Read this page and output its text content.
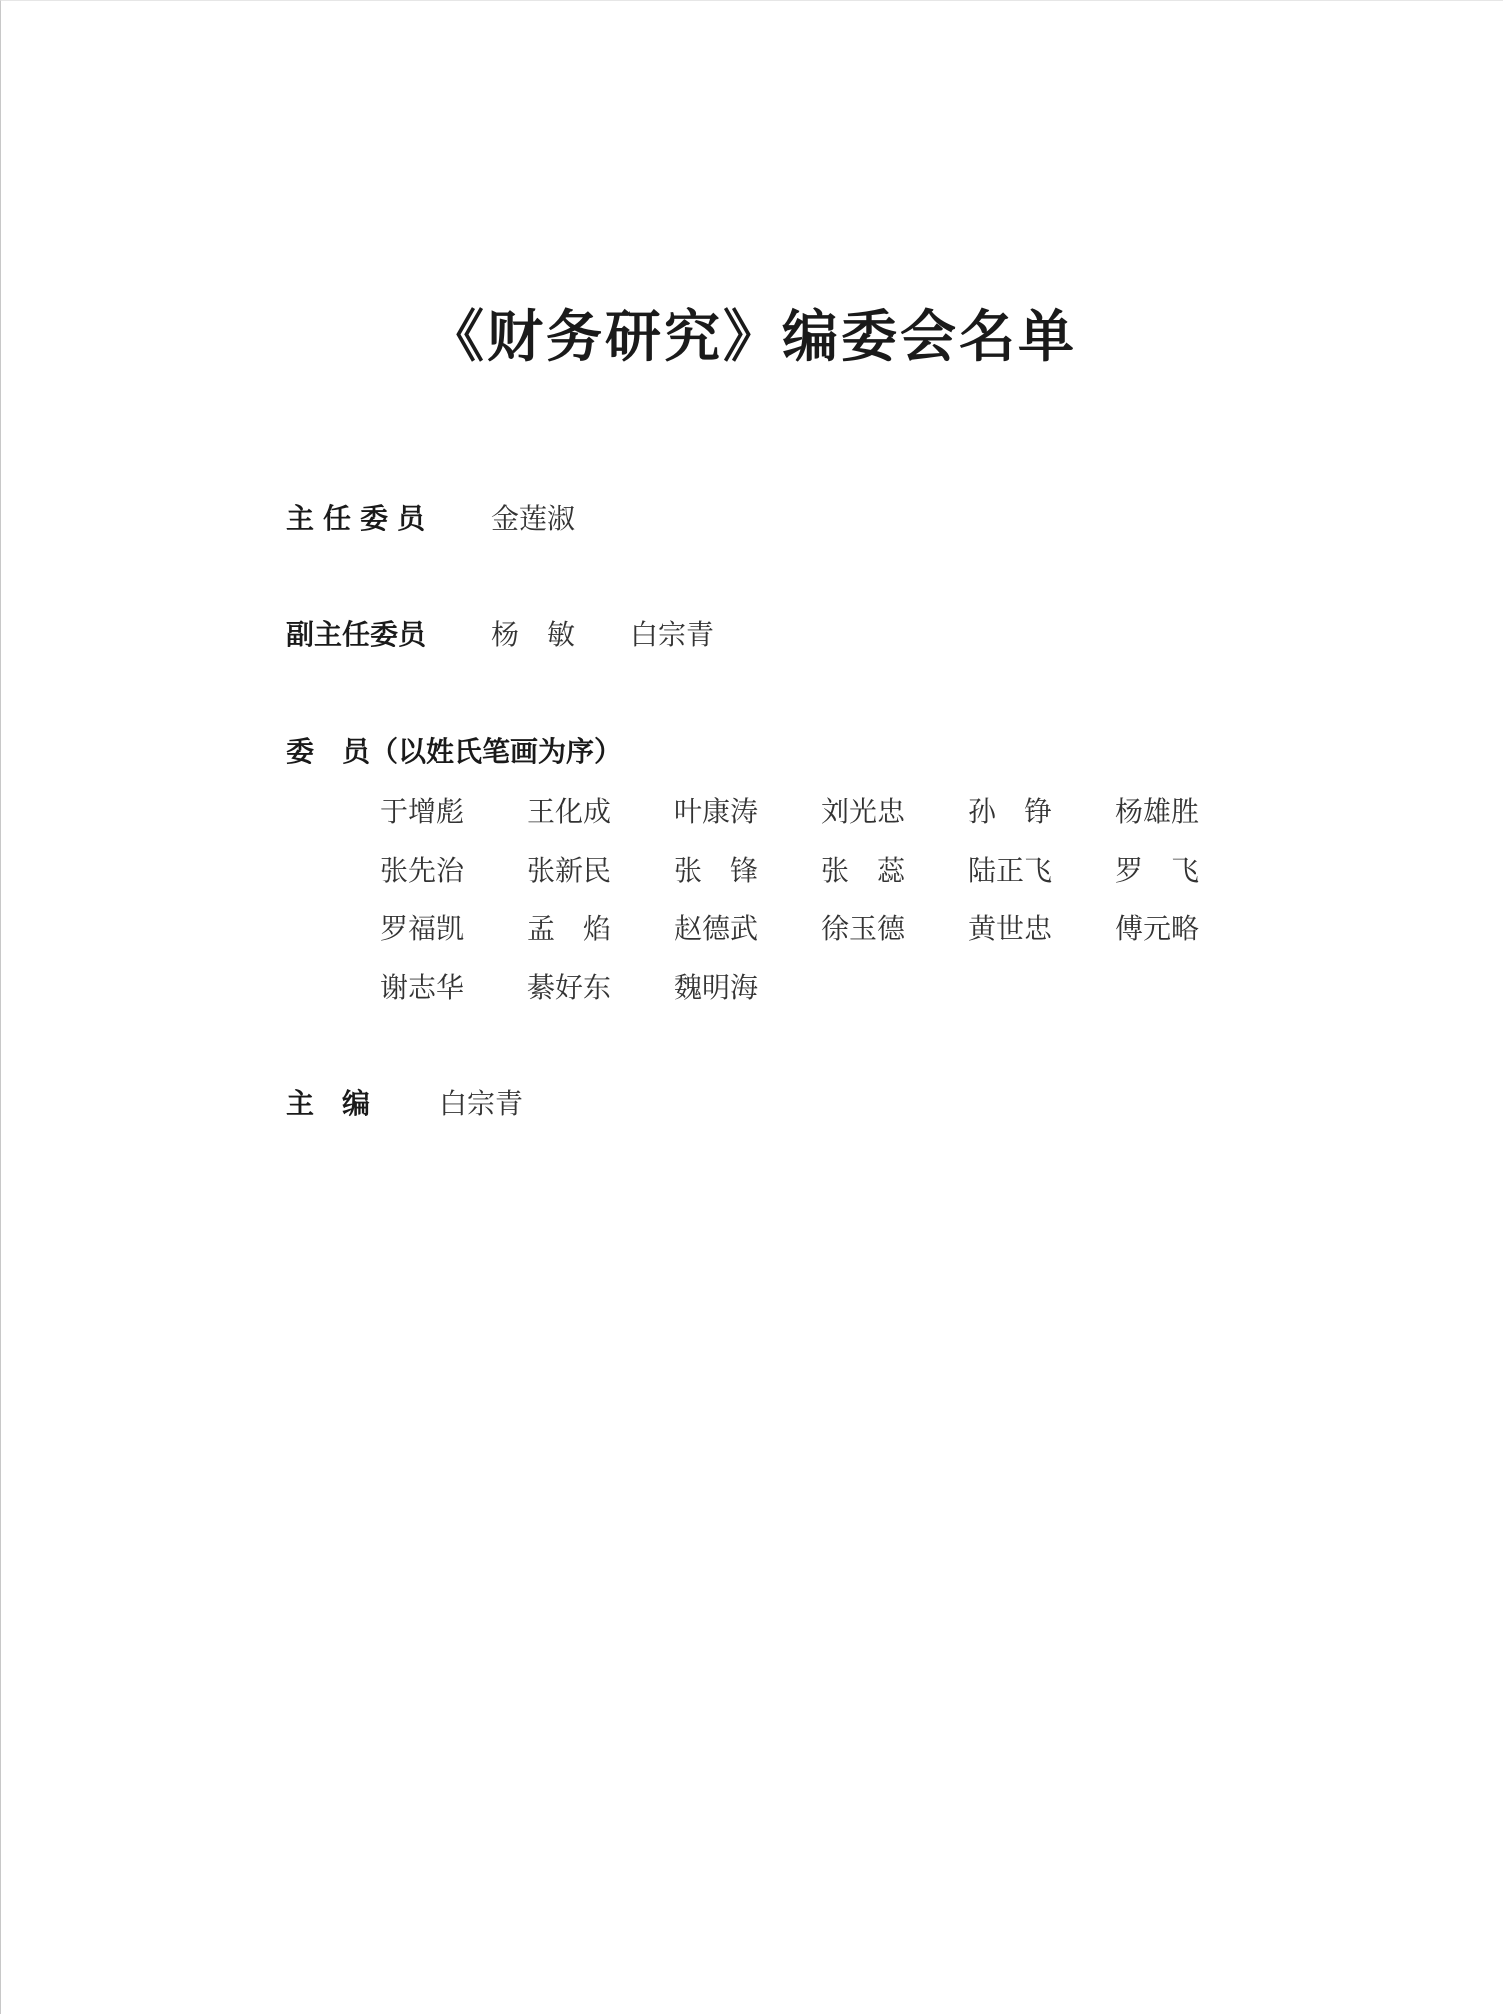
《财务研究》编委会名单
主任委员 金莲淑
副主任委员 杨　敏 白宗青
委　员（以姓氏笔画为序）
于增彪	王化成	叶康涛	刘光忠	孙　铮	杨雄胜
张先治	张新民	张　锋	张　蕊	陆正飞	罗　飞
罗福凯	孟　焰	赵德武	徐玉德	黄世忠	傅元略
谢志华	綦好东	魏明海
主　编 白宗青
